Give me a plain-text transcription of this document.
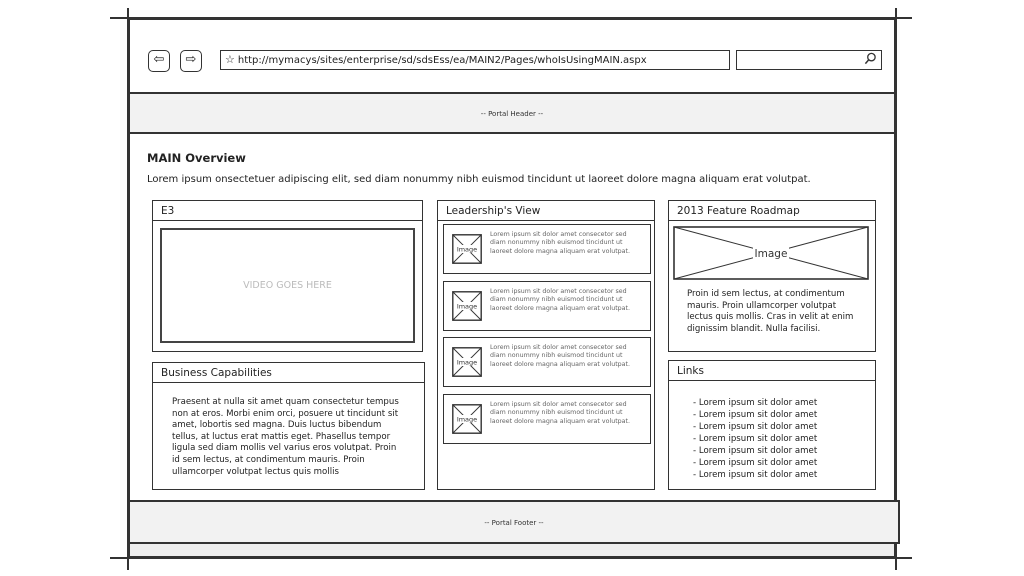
⇦	⇨	☆ http://mymacys/sites/enterprise/sd/sdsEss/ea/MAIN2/Pages/whoIsUsingMAIN.aspx
-- Portal Header --
MAIN Overview
Lorem ipsum onsectetuer adipiscing elit, sed diam nonummy nibh euismod tincidunt ut laoreet dolore magna aliquam erat volutpat.
E3
VIDEO GOES HERE
Business Capabilities
Praesent at nulla sit amet quam consectetur tempus
non at eros. Morbi enim orci, posuere ut tincidunt sit
amet, lobortis sed magna. Duis luctus bibendum
tellus, at luctus erat mattis eget. Phasellus tempor
ligula sed diam mollis vel varius eros volutpat. Proin
id sem lectus, at condimentum mauris. Proin
ullamcorper volutpat lectus quis mollis
Leadership's View
Image
Lorem ipsum sit dolor amet consecetor sed
diam nonummy nibh euismod tincidunt ut
laoreet dolore magna aliquam erat volutpat.
Image
Lorem ipsum sit dolor amet consecetor sed
diam nonummy nibh euismod tincidunt ut
laoreet dolore magna aliquam erat volutpat.
Image
Lorem ipsum sit dolor amet consecetor sed
diam nonummy nibh euismod tincidunt ut
laoreet dolore magna aliquam erat volutpat.
Image
Lorem ipsum sit dolor amet consecetor sed
diam nonummy nibh euismod tincidunt ut
laoreet dolore magna aliquam erat volutpat.
2013 Feature Roadmap
Proin id sem lectus, at condimentum
mauris. Proin ullamcorper volutpat
lectus quis mollis. Cras in velit at enim
dignissim blandit. Nulla facilisi.
Image
Links
- Lorem ipsum sit dolor amet
- Lorem ipsum sit dolor amet
- Lorem ipsum sit dolor amet
- Lorem ipsum sit dolor amet
- Lorem ipsum sit dolor amet
- Lorem ipsum sit dolor amet
- Lorem ipsum sit dolor amet
-- Portal Footer --
